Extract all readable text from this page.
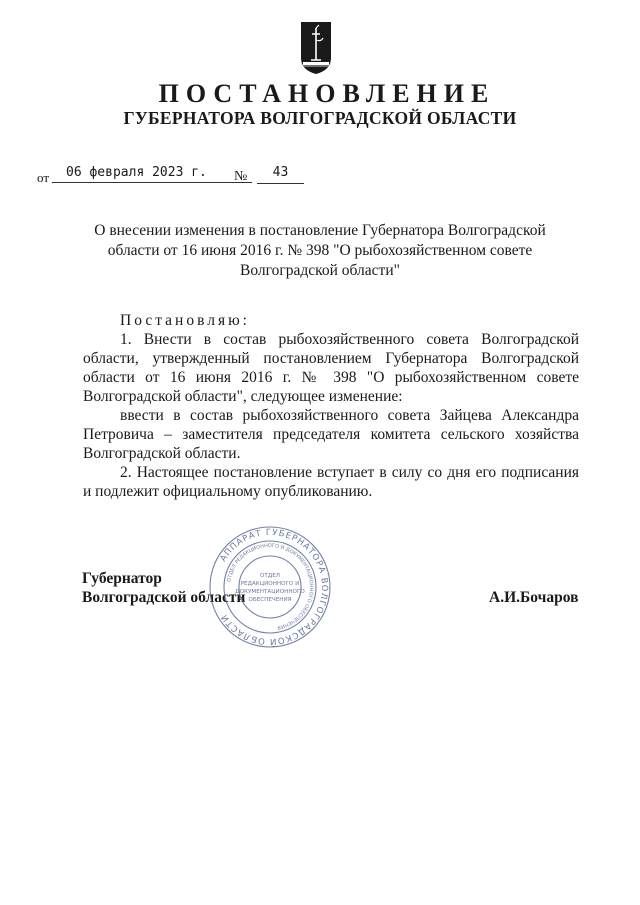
ПОСТАНОВЛЕНИЕ
ГУБЕРНАТОРА ВОЛГОГРАДСКОЙ ОБЛАСТИ
от	06 февраля 2023 г.	№	43
О внесении изменения в постановление Губернатора Волгоградской
области от 16 июня 2016 г. № 398 "О рыбохозяйственном совете
Волгоградской области"

Постановляю:

1. Внести в состав рыбохозяйственного совета Волгоградской области, утвержденный постановлением Губернатора Волгоградской области от 16 июня 2016 г. № 398 "О рыбохозяйственном совете Волгоградской области", следующее изменение:

ввести в состав рыбохозяйственного совета Зайцева Александра Петровича – заместителя председателя комитета сельского хозяйства Волгоградской области.

2. Настоящее постановление вступает в силу со дня его подписания и подлежит официальному опубликованию.

Губернатор
Волгоградской области	А.И.Бочаров
АППАРАТ ГУБЕРНАТОРА ВОЛГОГРАДСКОЙ ОБЛАСТИ
ОТДЕЛ РЕДАКЦИОННОГО И ДОКУМЕНТАЦИОННОГО ОБЕСПЕЧЕНИЯ
ОТДЕЛ
РЕДАКЦИОННОГО И
ДОКУМЕНТАЦИОННОГО
ОБЕСПЕЧЕНИЯ
